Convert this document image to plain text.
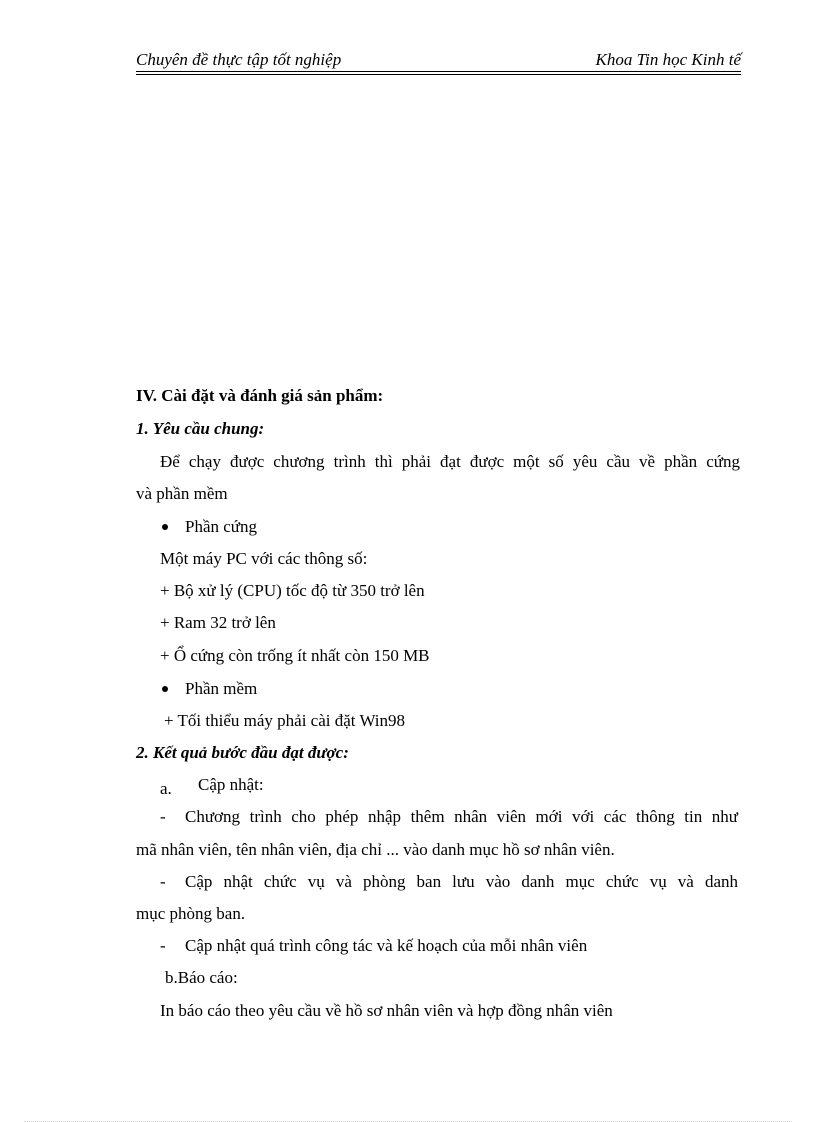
Chuyên đề thực tập tốt nghiệp	Khoa Tin học Kinh tế
IV. Cài đặt và đánh giá sản phẩm:
1. Yêu cầu chung:
Để chạy được chương trình thì phải đạt được một số yêu cầu về phần cứng
và phần mềm
Phần cứng
Một máy PC với các thông số:
+ Bộ xử lý (CPU) tốc độ từ 350 trở lên
+ Ram 32 trở lên
+ Ổ cứng còn trống ít nhất còn 150 MB
Phần mềm
+ Tối thiểu máy phải cài đặt Win98
2. Kết quả bước đầu đạt được:
a. Cập nhật:
- Chương trình cho phép nhập thêm nhân viên mới với các thông tin như
mã nhân viên, tên nhân viên, địa chỉ ... vào danh mục hồ sơ nhân viên.
- Cập nhật chức vụ và phòng ban lưu vào danh mục chức vụ và danh
mục phòng ban.
- Cập nhật quá trình công tác và kế hoạch của mỗi nhân viên
b.Báo cáo:
In báo cáo theo yêu cầu về hồ sơ nhân viên và hợp đồng nhân viên
